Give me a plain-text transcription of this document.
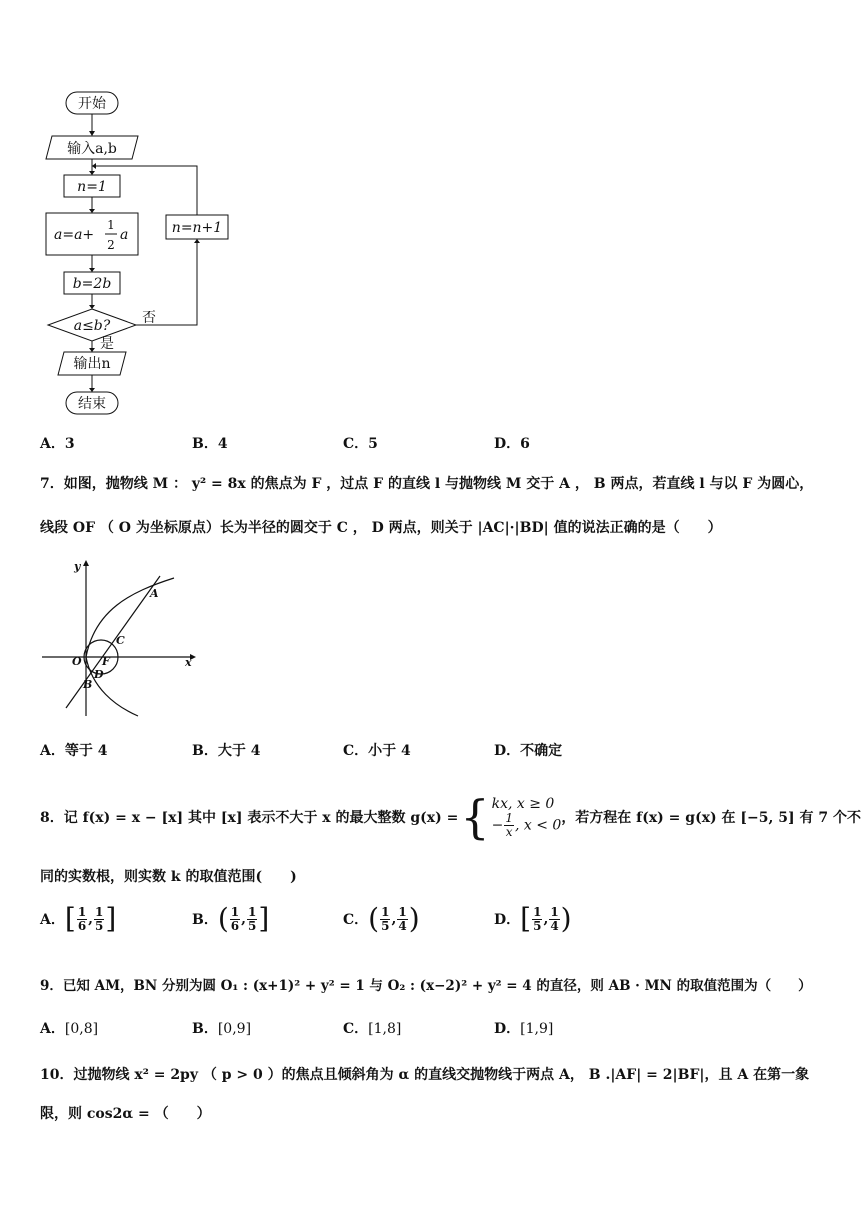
开始
输入a,b
n=1
a=a+
1
2
a
b=2b
a≤b? 否
是
n=n+1
输出n
结束
A．3	B．4	C．5	D．6
7．如图，抛物线 M ： y² = 8x 的焦点为 F ，过点 F 的直线 l 与抛物线 M 交于 A ， B 两点，若直线 l 与以 F 为圆心，
线段 OF （ O 为坐标原点）长为半径的圆交于 C ， D 两点，则关于 |AC|·|BD| 值的说法正确的是（　　）
y
x
O F
A
B
C
D
A．等于 4	B．大于 4	C．小于 4	D．不确定
8．记 f(x) = x − [x] 其中 [x] 表示不大于 x 的最大整数 g(x) = { kx, x ≥ 0
− $\frac{1}{x}$ , x < 0 ，若方程在 f(x) = g(x) 在 [−5, 5] 有 7 个不
同的实数根，则实数 k 的取值范围(　　)
A． [ $\frac{1}{6}$ , $\frac{1}{5}$ ]	B． ( $\frac{1}{6}$ , $\frac{1}{5}$ ]	C． ( $\frac{1}{5}$ , $\frac{1}{4}$ )	D． [ $\frac{1}{5}$ , $\frac{1}{4}$ )
9．已知 AM，BN 分别为圆 O₁ : (x+1)² + y² = 1 与 O₂ : (x−2)² + y² = 4 的直径，则 AB · MN 的取值范围为（　　）
A．[0,8]	B．[0,9]	C．[1,8]	D．[1,9]
10．过抛物线 x² = 2py （ p > 0 ）的焦点且倾斜角为 α 的直线交抛物线于两点 A， B .|AF| = 2|BF|，且 A 在第一象
限，则 cos2α = （　　）
